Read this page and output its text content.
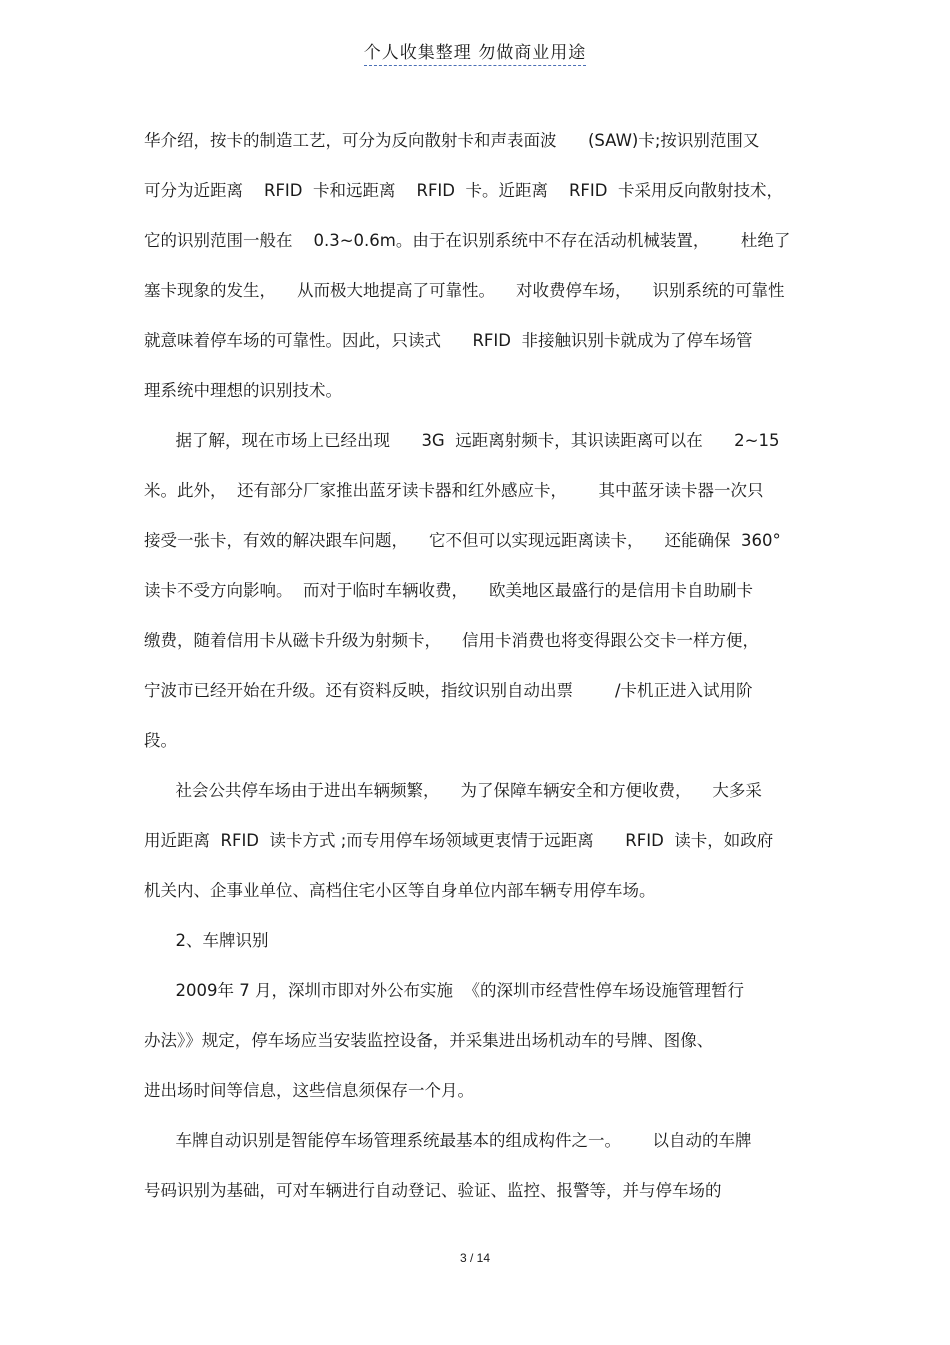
个人收集整理 勿做商业用途
华介绍，按卡的制造工艺，可分为反向散射卡和声表面波      (SAW)卡;按识别范围又
可分为近距离    RFID  卡和远距离    RFID  卡。近距离    RFID  卡采用反向散射技术，
它的识别范围一般在    0.3~0.6m。由于在识别系统中不存在活动机械装置，      杜绝了
塞卡现象的发生，    从而极大地提高了可靠性。    对收费停车场，    识别系统的可靠性
就意味着停车场的可靠性。因此，只读式      RFID  非接触识别卡就成为了停车场管
理系统中理想的识别技术。
据了解，现在市场上已经出现      3G  远距离射频卡，其识读距离可以在      2~15
米。此外，  还有部分厂家推出蓝牙读卡器和红外感应卡，      其中蓝牙读卡器一次只
接受一张卡，有效的解决跟车问题，    它不但可以实现远距离读卡，    还能确保  360°
读卡不受方向影响。  而对于临时车辆收费，    欧美地区最盛行的是信用卡自助刷卡
缴费，随着信用卡从磁卡升级为射频卡，    信用卡消费也将变得跟公交卡一样方便，
宁波市已经开始在升级。还有资料反映，指纹识别自动出票        /卡机正进入试用阶
段。
社会公共停车场由于进出车辆频繁，    为了保障车辆安全和方便收费，    大多采
用近距离  RFID  读卡方式 ;而专用停车场领域更衷情于远距离      RFID  读卡，如政府
机关内、企事业单位、高档住宅小区等自身单位内部车辆专用停车场。
2、车牌识别
2009年 7 月，深圳市即对外公布实施  《的深圳市经营性停车场设施管理暂行
办法》》规定，停车场应当安装监控设备，并采集进出场机动车的号牌、图像、
进出场时间等信息，这些信息须保存一个月。
车牌自动识别是智能停车场管理系统最基本的组成构件之一。      以自动的车牌
号码识别为基础，可对车辆进行自动登记、验证、监控、报警等，并与停车场的
3 / 14
